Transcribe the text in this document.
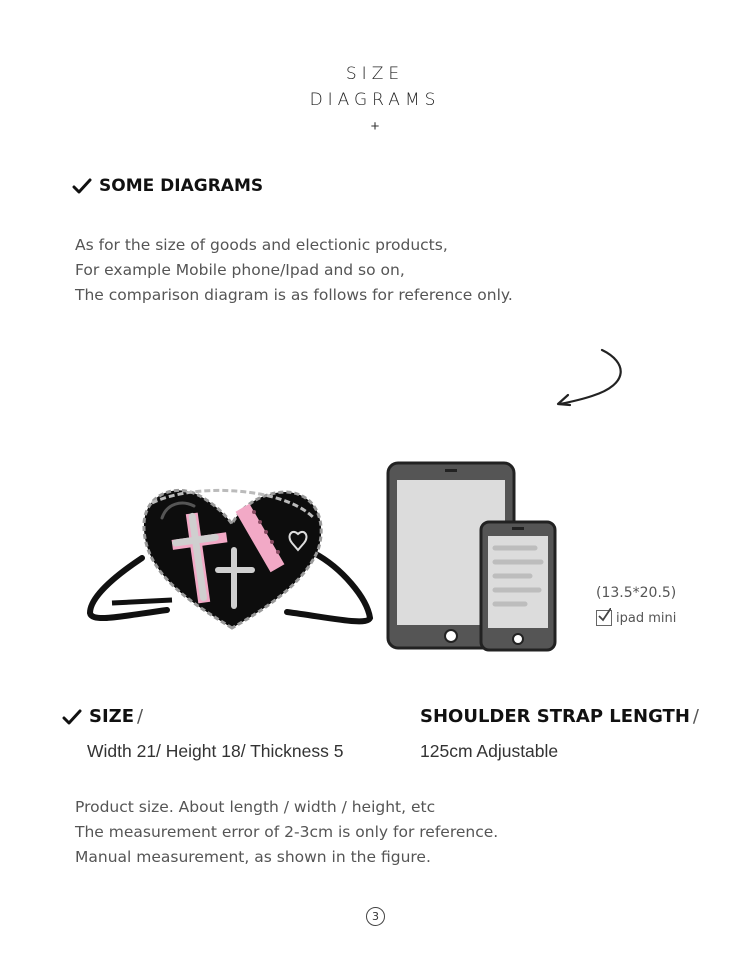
SIZE
DIAGRAMS
+
SOME DIAGRAMS
As for the size of goods and electionic products,
For example Mobile phone/Ipad and so on,
The comparison diagram is as follows for reference only.
(13.5*20.5)
ipad mini
SIZE /
Width 21/ Height 18/ Thickness 5
SHOULDER STRAP LENGTH /
125cm Adjustable
Product size. About length / width / height, etc
The measurement error of 2-3cm is only for reference.
Manual measurement, as shown in the figure.
3
